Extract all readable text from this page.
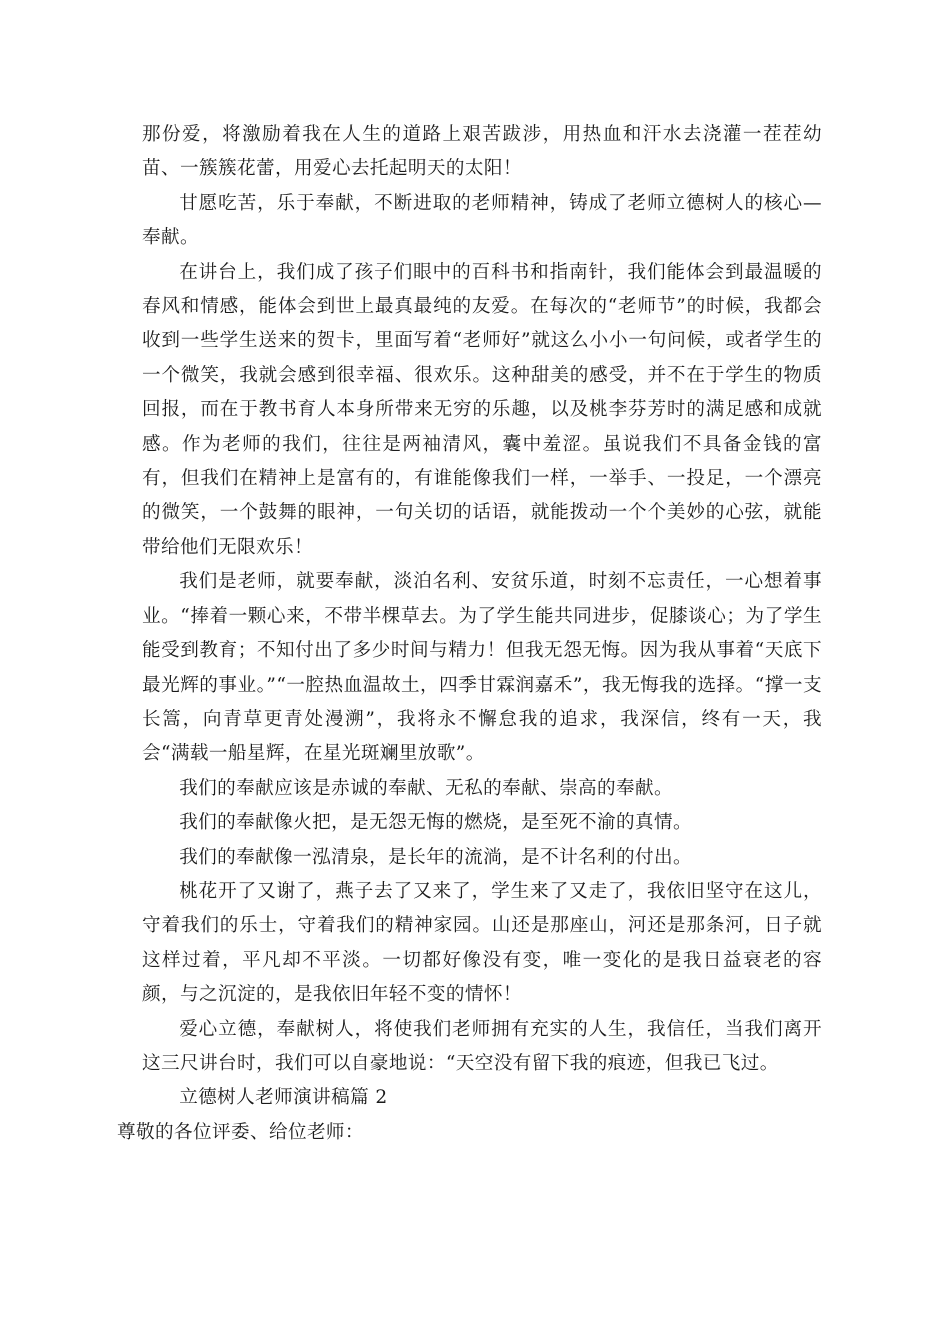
那份爱，将激励着我在人生的道路上艰苦跋涉，用热血和汗水去浇灌一茬茬幼苗、一簇簇花蕾，用爱心去托起明天的太阳！

甘愿吃苦，乐于奉献，不断进取的老师精神，铸成了老师立德树人的核心—奉献。

在讲台上，我们成了孩子们眼中的百科书和指南针，我们能体会到最温暖的春风和情感，能体会到世上最真最纯的友爱。在每次的“老师节”的时候，我都会收到一些学生送来的贺卡，里面写着“老师好”就这么小小一句问候，或者学生的一个微笑，我就会感到很幸福、很欢乐。这种甜美的感受，并不在于学生的物质回报，而在于教书育人本身所带来无穷的乐趣，以及桃李芬芳时的满足感和成就感。作为老师的我们，往往是两袖清风，囊中羞涩。虽说我们不具备金钱的富有，但我们在精神上是富有的，有谁能像我们一样，一举手、一投足，一个漂亮的微笑，一个鼓舞的眼神，一句关切的话语，就能拨动一个个美妙的心弦，就能带给他们无限欢乐！

我们是老师，就要奉献，淡泊名利、安贫乐道，时刻不忘责任，一心想着事业。“捧着一颗心来，不带半棵草去。为了学生能共同进步，促膝谈心；为了学生能受到教育；不知付出了多少时间与精力！但我无怨无悔。因为我从事着“天底下最光辉的事业。”“一腔热血温故土，四季甘霖润嘉禾”，我无悔我的选择。“撑一支长篙，向青草更青处漫溯”，我将永不懈怠我的追求，我深信，终有一天，我会“满载一船星辉，在星光斑斓里放歌”。

我们的奉献应该是赤诚的奉献、无私的奉献、崇高的奉献。

我们的奉献像火把，是无怨无悔的燃烧，是至死不渝的真情。

我们的奉献像一泓清泉，是长年的流淌，是不计名利的付出。

桃花开了又谢了，燕子去了又来了，学生来了又走了，我依旧坚守在这儿，守着我们的乐士，守着我们的精神家园。山还是那座山，河还是那条河，日子就这样过着，平凡却不平淡。一切都好像没有变，唯一变化的是我日益衰老的容颜，与之沉淀的，是我依旧年轻不变的情怀！

爱心立德，奉献树人，将使我们老师拥有充实的人生，我信任，当我们离开这三尺讲台时，我们可以自豪地说：“天空没有留下我的痕迹，但我已飞过。

立德树人老师演讲稿篇 2

尊敬的各位评委、给位老师：
